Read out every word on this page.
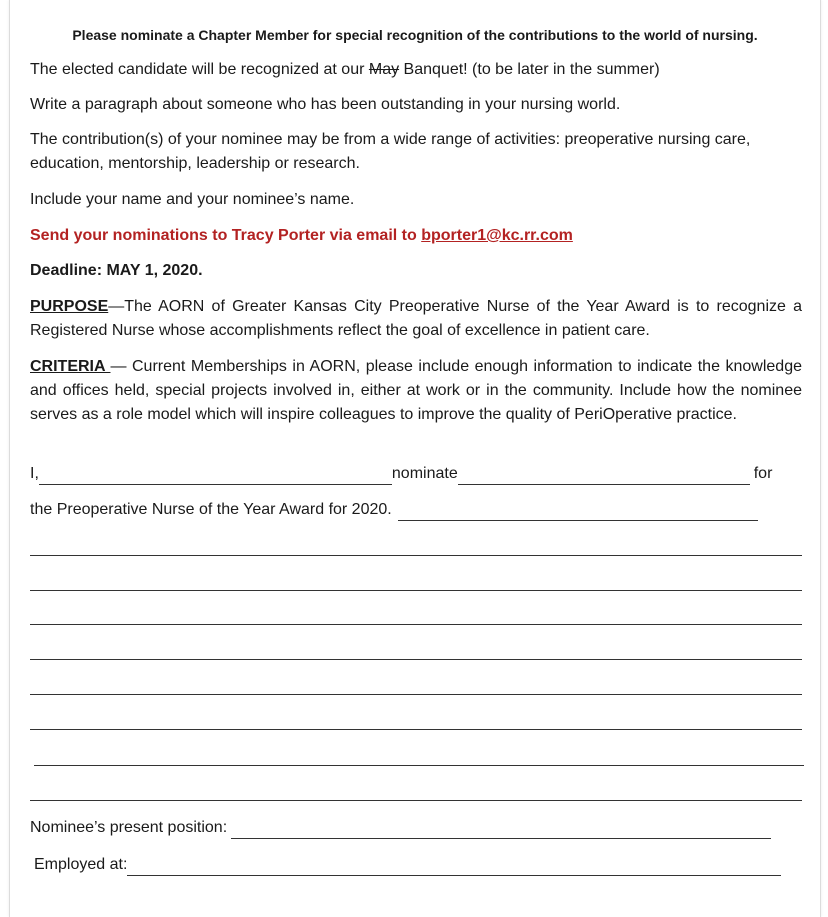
Please nominate a Chapter Member for special recognition of the contributions to the world of nursing.
The elected candidate will be recognized at our May Banquet! (to be later in the summer)
Write a paragraph about someone who has been outstanding in your nursing world.
The contribution(s) of your nominee may be from a wide range of activities: preoperative nursing care, education, mentorship, leadership or research.
Include your name and your nominee’s name.
Send your nominations to Tracy Porter via email to bporter1@kc.rr.com
Deadline: MAY 1, 2020.
PURPOSE—The AORN of Greater Kansas City Preoperative Nurse of the Year Award is to recognize a Registered Nurse whose accomplishments reflect the goal of excellence in patient care.
CRITERIA — Current Memberships in AORN, please include enough information to indicate the knowledge and offices held, special projects involved in, either at work or in the community. Include how the nominee serves as a role model which will inspire colleagues to improve the quality of PeriOperative practice.
I,	nominate	for
the Preoperative Nurse of the Year Award for 2020.
Nominee’s present position:
Employed at:
